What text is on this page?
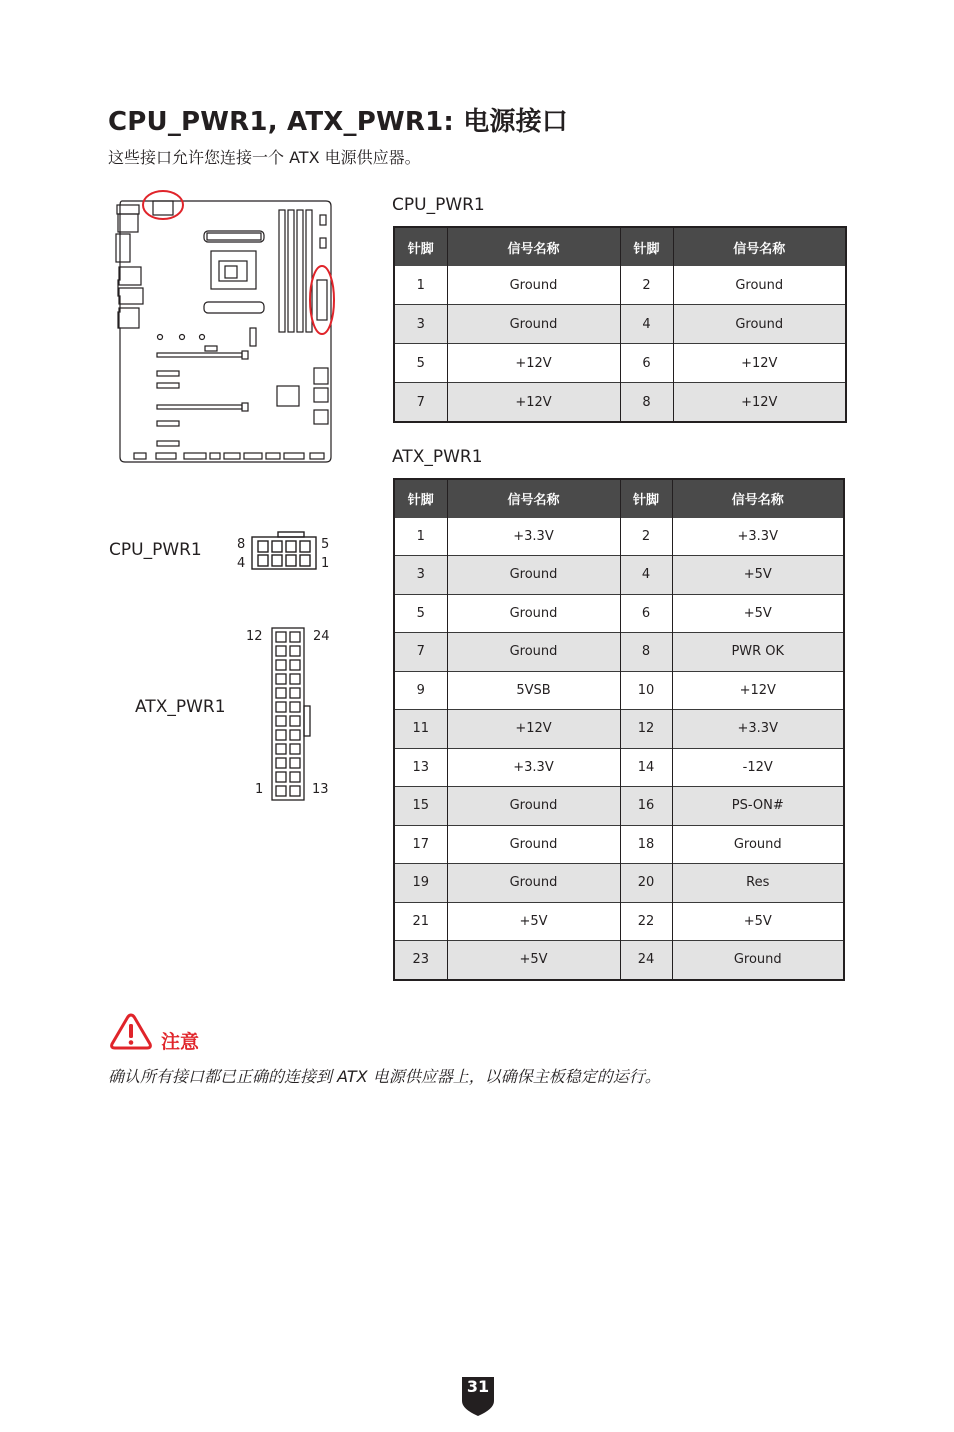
CPU_PWR1, ATX_PWR1: 电源接口
这些接口允许您连接一个 ATX 电源供应器。
CPU_PWR1
针脚	信号名称	针脚	信号名称
1	Ground	2	Ground
3	Ground	4	Ground
5	+12V	6	+12V
7	+12V	8	+12V
ATX_PWR1
针脚	信号名称	针脚	信号名称
1	+3.3V	2	+3.3V
3	Ground	4	+5V
5	Ground	6	+5V
7	Ground	8	PWR OK
9	5VSB	10	+12V
11	+12V	12	+3.3V
13	+3.3V	14	-12V
15	Ground	16	PS-ON#
17	Ground	18	Ground
19	Ground	20	Res
21	+5V	22	+5V
23	+5V	24	Ground
CPU_PWR1	8
4
5
1
ATX_PWR1
12	24
1	13
注意
确认所有接口都已正确的连接到 ATX 电源供应器上，以确保主板稳定的运行。
31
